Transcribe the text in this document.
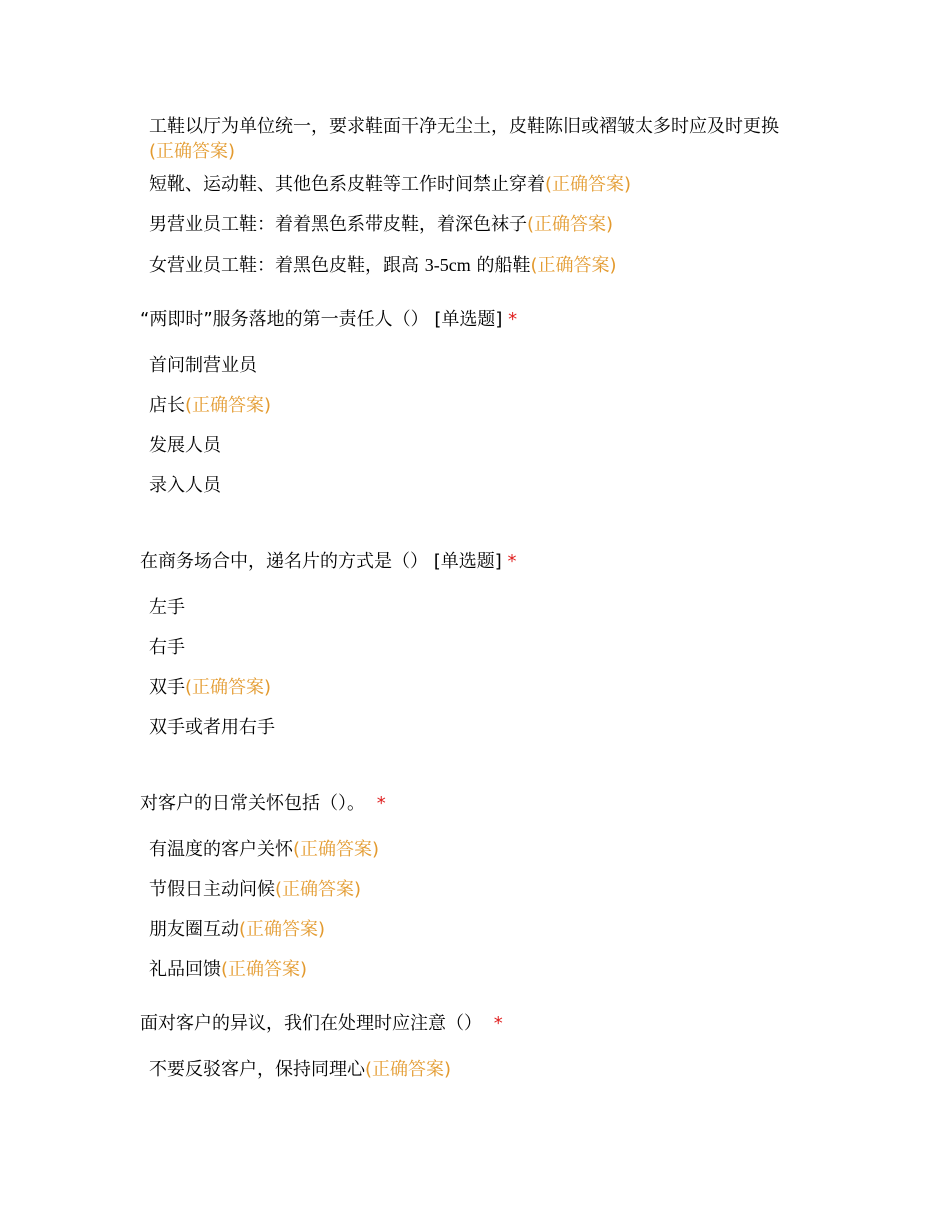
工鞋以厅为单位统一，要求鞋面干净无尘土，皮鞋陈旧或褶皱太多时应及时更换
(正确答案)
短靴、运动鞋、其他色系皮鞋等工作时间禁止穿着(正确答案)
男营业员工鞋：着着黑色系带皮鞋，着深色袜子(正确答案)
女营业员工鞋：着黑色皮鞋，跟高 3-5cm 的船鞋(正确答案)
“两即时”服务落地的第一责任人（） [单选题] *
首问制营业员
店长(正确答案)
发展人员
录入人员
在商务场合中，递名片的方式是（） [单选题] *
左手
右手
双手(正确答案)
双手或者用右手
对客户的日常关怀包括（）。 *
有温度的客户关怀(正确答案)
节假日主动问候(正确答案)
朋友圈互动(正确答案)
礼品回馈(正确答案)
面对客户的异议，我们在处理时应注意（） *
不要反驳客户，保持同理心(正确答案)
